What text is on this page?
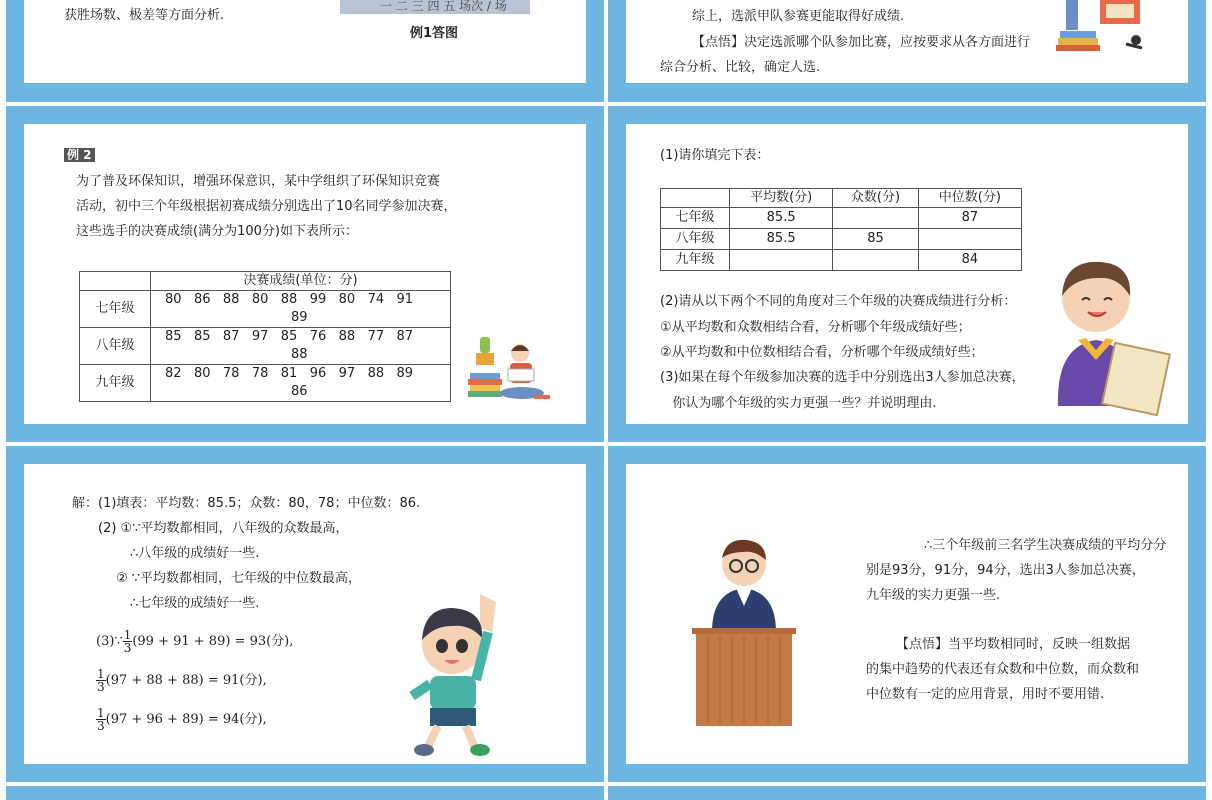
获胜场数、极差等方面分析.
一 二 三 四 五 场次 / 场
例1答图
综上，选派甲队参赛更能取得好成绩.
【点悟】决定选派哪个队参加比赛，应按要求从各方面进行
综合分析、比较，确定人选.
例 2
为了普及环保知识，增强环保意识，某中学组织了环保知识竞赛
活动，初中三个年级根据初赛成绩分别选出了10名同学参加决赛，
这些选手的决赛成绩(满分为100分)如下表所示：
	决赛成绩(单位：分)
七年级	80   86   88   80   88   99   80   74   91
89

八年级	85   85   87   97   85   76   88   77   87
88

九年级	82   80   78   78   81   96   97   88   89
86
(1)请你填完下表：
	平均数(分)	众数(分)	中位数(分)
七年级	85.5		87
八年级	85.5	85	
九年级			84
(2)请从以下两个不同的角度对三个年级的决赛成绩进行分析：
①从平均数和众数相结合看，分析哪个年级成绩好些；
②从平均数和中位数相结合看，分析哪个年级成绩好些；
(3)如果在每个年级参加决赛的选手中分别选出3人参加总决赛，
你认为哪个年级的实力更强一些？并说明理由.
解：(1)填表：平均数：85.5；众数：80，78；中位数：86.
(2) ①∵平均数都相同，八年级的众数最高，
∴八年级的成绩好一些.
② ∵平均数都相同，七年级的中位数最高，
∴七年级的成绩好一些.
(3)∵ $\frac{1}{3} (99 + 91 + 89) = 93$(分),
$\frac{1}{3} (97 + 88 + 88) = 91$(分),
$\frac{1}{3} (97 + 96 + 89) = 94$(分),
∴三个年级前三名学生决赛成绩的平均分分
别是93分，91分，94分，选出3人参加总决赛，
九年级的实力更强一些.
【点悟】当平均数相同时，反映一组数据
的集中趋势的代表还有众数和中位数，而众数和
中位数有一定的应用背景，用时不要用错.
